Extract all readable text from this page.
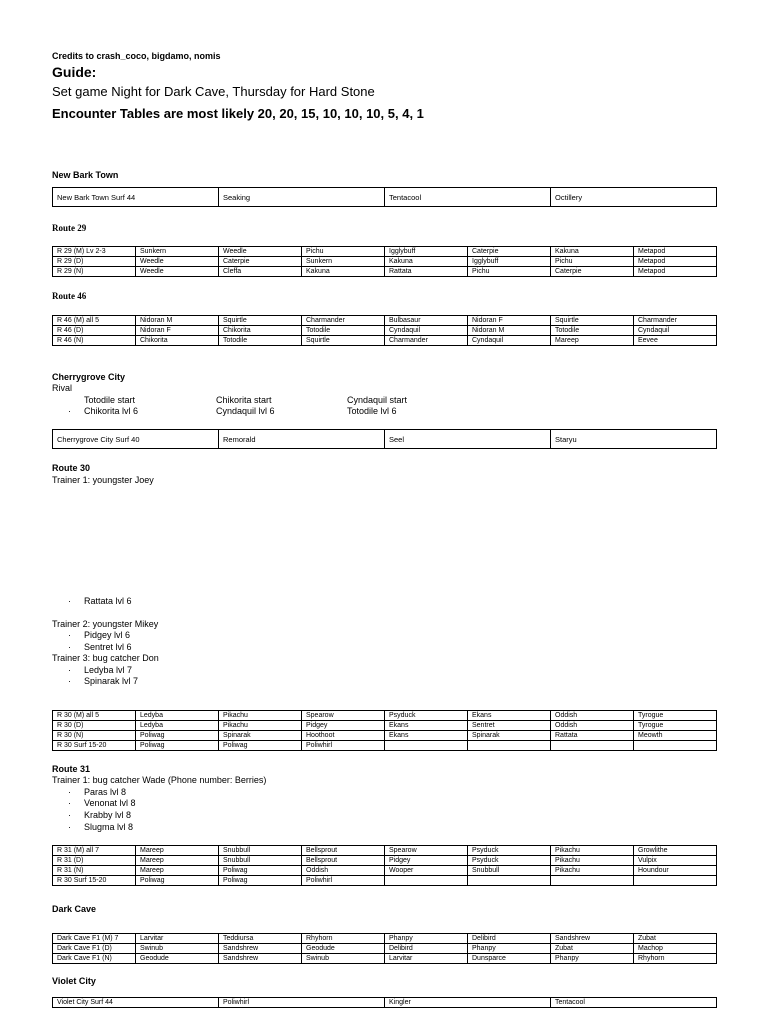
Credits to crash_coco, bigdamo, nomis
Guide:
Set game Night for Dark Cave, Thursday for Hard Stone
Encounter Tables are most likely 20, 20, 15, 10, 10, 10, 5, 4, 1
New Bark Town
New Bark Town Surf 44	Seaking	Tentacool	Octillery
Route 29
R 29 (M) Lv 2-3	Sunkern	Weedle	Pichu	Igglybuff	Caterpie	Kakuna	Metapod
R 29 (D)	Weedle	Caterpie	Sunkern	Kakuna	Igglybuff	Pichu	Metapod
R 29 (N)	Weedle	Cleffa	Kakuna	Rattata	Pichu	Caterpie	Metapod
Route 46
R 46 (M) all 5	Nidoran M	Squirtle	Charmander	Bulbasaur	Nidoran F	Squirtle	Charmander
R 46 (D)	Nidoran F	Chikorita	Totodile	Cyndaquil	Nidoran M	Totodile	Cyndaquil
R 46 (N)	Chikorita	Totodile	Squirtle	Charmander	Cyndaquil	Mareep	Eevee
Cherrygrove City
Rival
Totodile start	Chikorita start	Cyndaquil start
· Chikorita lvl 6	Cyndaquil lvl 6	Totodile lvl 6
Cherrygrove City Surf 40	Remorald	Seel	Staryu
Route 30
Trainer 1: youngster Joey
· Rattata lvl 6
Trainer 2: youngster Mikey
· Pidgey lvl 6
· Sentret lvl 6
Trainer 3: bug catcher Don
· Ledyba lvl 7
· Spinarak lvl 7
R 30 (M) all 5	Ledyba	Pikachu	Spearow	Psyduck	Ekans	Oddish	Tyrogue
R 30 (D)	Ledyba	Pikachu	Pidgey	Ekans	Sentret	Oddish	Tyrogue
R 30 (N)	Poliwag	Spinarak	Hoothoot	Ekans	Spinarak	Rattata	Meowth
R 30 Surf 15-20	Poliwag	Poliwag	Poliwhirl				
Route 31
Trainer 1: bug catcher Wade (Phone number: Berries)
· Paras lvl 8
· Venonat lvl 8
· Krabby lvl 8
· Slugma lvl 8
R 31 (M) all 7	Mareep	Snubbull	Bellsprout	Spearow	Psyduck	Pikachu	Growlithe
R 31 (D)	Mareep	Snubbull	Bellsprout	Pidgey	Psyduck	Pikachu	Vulpix
R 31 (N)	Mareep	Poliwag	Oddish	Wooper	Snubbull	Pikachu	Houndour
R 30 Surf 15-20	Poliwag	Poliwag	Poliwhirl				
Dark Cave
Dark Cave F1 (M) 7	Larvitar	Teddiursa	Rhyhorn	Phanpy	Delibird	Sandshrew	Zubat
Dark Cave F1 (D)	Swinub	Sandshrew	Geodude	Delibird	Phanpy	Zubat	Machop
Dark Cave F1 (N)	Geodude	Sandshrew	Swinub	Larvitar	Dunsparce	Phanpy	Rhyhorn
Violet City
Violet City Surf 44	Poliwhirl	Kingler	Tentacool
